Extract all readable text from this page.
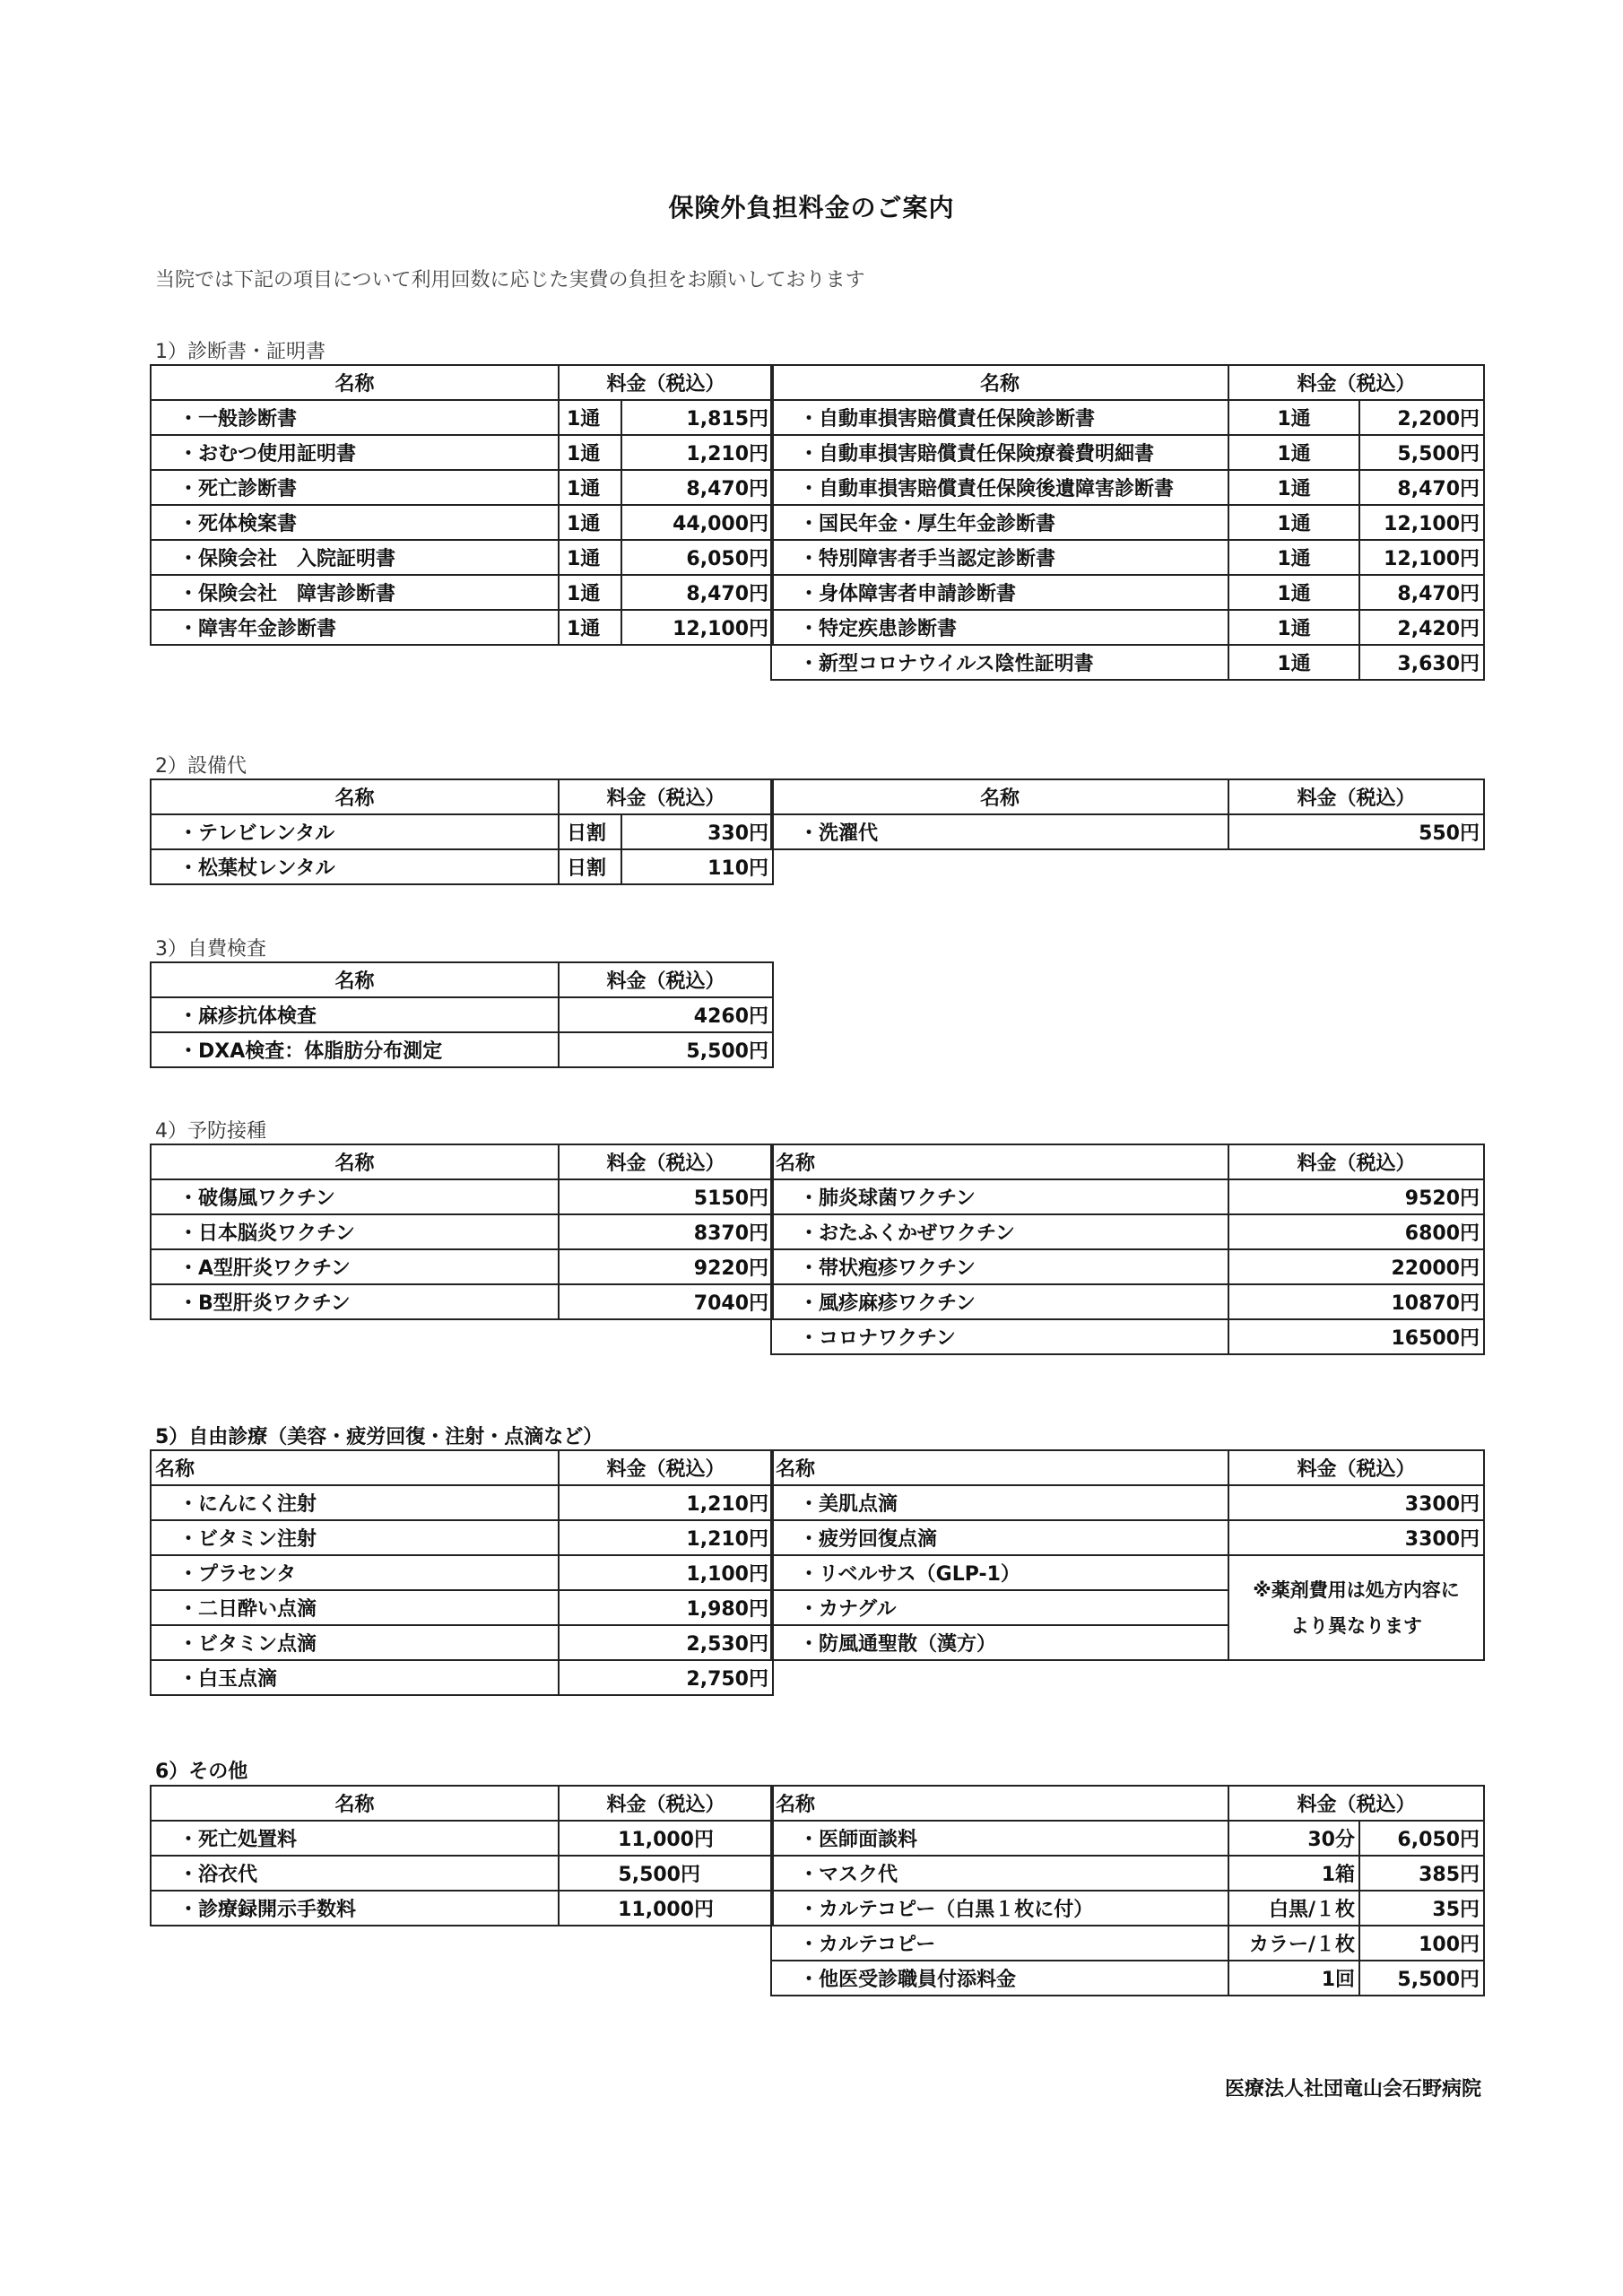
保険外負担料金のご案内
当院では下記の項目について利用回数に応じた実費の負担をお願いしております
1）診断書・証明書
名称	料金（税込）	
・一般診断書	1通	1,815円
・おむつ使用証明書	1通	1,210円
・死亡診断書	1通	8,470円
・死体検案書	1通	44,000円
・保険会社　入院証明書	1通	6,050円
・保険会社　障害診断書	1通	8,470円
・障害年金診断書	1通	12,100円
名称	料金（税込）	
・自動車損害賠償責任保険診断書	1通	2,200円
・自動車損害賠償責任保険療養費明細書	1通	5,500円
・自動車損害賠償責任保険後遺障害診断書	1通	8,470円
・国民年金・厚生年金診断書	1通	12,100円
・特別障害者手当認定診断書	1通	12,100円
・身体障害者申請診断書	1通	8,470円
・特定疾患診断書	1通	2,420円
・新型コロナウイルス陰性証明書	1通	3,630円
2）設備代
名称	料金（税込）	
・テレビレンタル	日割	330円
・松葉杖レンタル	日割	110円
名称	料金（税込）
・洗濯代	550円
3）自費検査
名称	料金（税込）
・麻疹抗体検査	4260円
・DXA検査：体脂肪分布測定	5,500円
4）予防接種
名称	料金（税込）
・破傷風ワクチン	5150円
・日本脳炎ワクチン	8370円
・A型肝炎ワクチン	9220円
・B型肝炎ワクチン	7040円
名称	料金（税込）
・肺炎球菌ワクチン	9520円
・おたふくかぜワクチン	6800円
・帯状疱疹ワクチン	22000円
・風疹麻疹ワクチン	10870円
・コロナワクチン	16500円
5）自由診療（美容・疲労回復・注射・点滴など）
名称	料金（税込）
・にんにく注射	1,210円
・ビタミン注射	1,210円
・プラセンタ	1,100円
・二日酔い点滴	1,980円
・ビタミン点滴	2,530円
・白玉点滴	2,750円
名称	料金（税込）
・美肌点滴	3300円
・疲労回復点滴	3300円
・リベルサス（GLP-1）	※薬剤費用は処方内容に
より異なります
・カナグル	
・防風通聖散（漢方）	
6）その他
名称	料金（税込）
・死亡処置料	11,000円
・浴衣代	5,500円
・診療録開示手数料	11,000円
名称	料金（税込）	
・医師面談料	30分	6,050円
・マスク代	1箱	385円
・カルテコピー（白黒１枚に付）	白黒/１枚	35円
・カルテコピー	カラー/１枚	100円
・他医受診職員付添料金	1回	5,500円
医療法人社団竜山会石野病院
